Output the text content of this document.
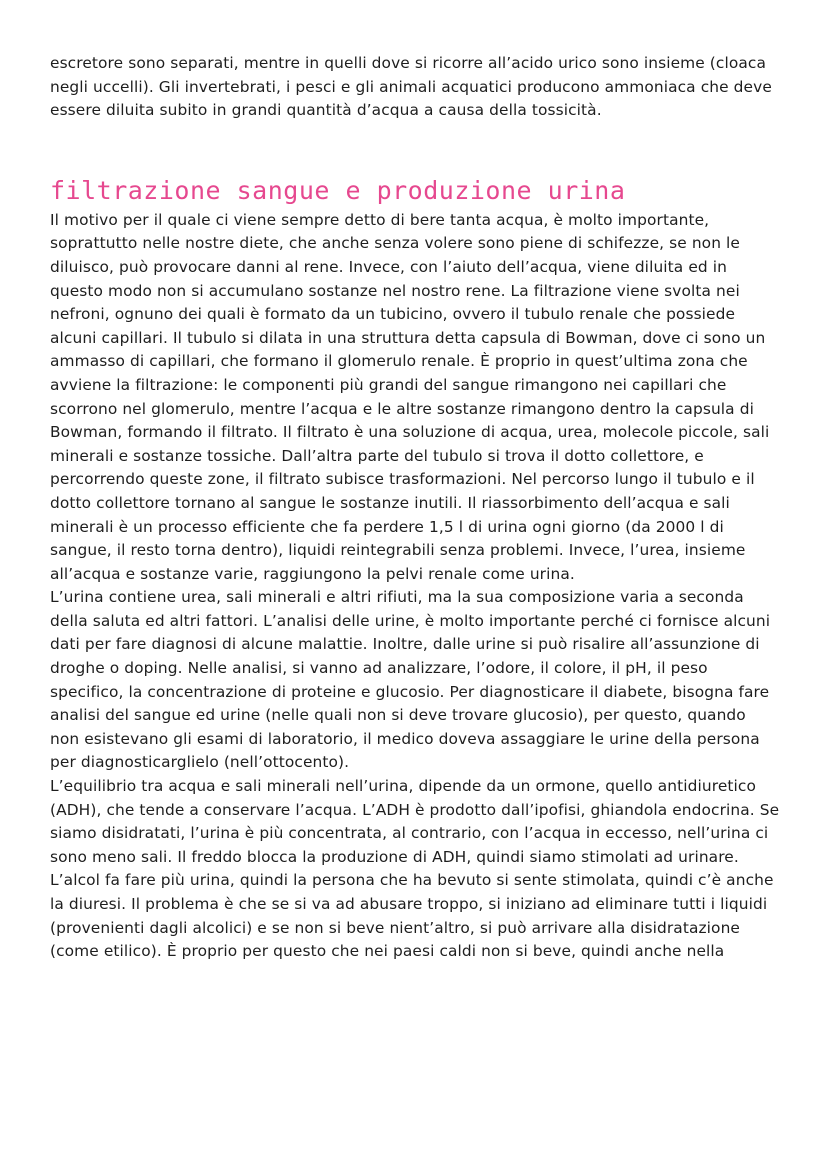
escretore sono separati, mentre in quelli dove si ricorre all’acido urico sono insieme (cloaca negli uccelli). Gli invertebrati, i pesci e gli animali acquatici producono ammoniaca che deve essere diluita subito in grandi quantità d’acqua a causa della tossicità.

filtrazione sangue e produzione urina

Il motivo per il quale ci viene sempre detto di bere tanta acqua, è molto importante, soprattutto nelle nostre diete, che anche senza volere sono piene di schifezze, se non le diluisco, può provocare danni al rene. Invece, con l’aiuto dell’acqua, viene diluita ed in questo modo non si accumulano sostanze nel nostro rene. La filtrazione viene svolta nei nefroni, ognuno dei quali è formato da un tubicino, ovvero il tubulo renale che possiede alcuni capillari. Il tubulo si dilata in una struttura detta capsula di Bowman, dove ci sono un ammasso di capillari, che formano il glomerulo renale. È proprio in quest’ultima zona che avviene la filtrazione: le componenti più grandi del sangue rimangono nei capillari che scorrono nel glomerulo, mentre l’acqua e le altre sostanze rimangono dentro la capsula di Bowman, formando il filtrato. Il filtrato è una soluzione di acqua, urea, molecole piccole, sali minerali e sostanze tossiche. Dall’altra parte del tubulo si trova il dotto collettore, e percorrendo queste zone, il filtrato subisce trasformazioni. Nel percorso lungo il tubulo e il dotto collettore tornano al sangue le sostanze inutili. Il riassorbimento dell’acqua e sali minerali è un processo efficiente che fa perdere 1,5 l di urina ogni giorno (da 2000 l di sangue, il resto torna dentro), liquidi reintegrabili senza problemi. Invece, l’urea, insieme all’acqua e sostanze varie, raggiungono la pelvi renale come urina.

L’urina contiene urea, sali minerali e altri rifiuti, ma la sua composizione varia a seconda della saluta ed altri fattori. L’analisi delle urine, è molto importante perché ci fornisce alcuni dati per fare diagnosi di alcune malattie. Inoltre, dalle urine si può risalire all’assunzione di droghe o doping. Nelle analisi, si vanno ad analizzare, l’odore, il colore, il pH, il peso specifico, la concentrazione di proteine e glucosio. Per diagnosticare il diabete, bisogna fare analisi del sangue ed urine (nelle quali non si deve trovare glucosio), per questo, quando non esistevano gli esami di laboratorio, il medico doveva assaggiare le urine della persona per diagnosticarglielo (nell’ottocento).

L’equilibrio tra acqua e sali minerali nell’urina, dipende da un ormone, quello antidiuretico (ADH), che tende a conservare l’acqua. L’ADH è prodotto dall’ipofisi, ghiandola endocrina. Se siamo disidratati, l’urina è più concentrata, al contrario, con l’acqua in eccesso, nell’urina ci sono meno sali. Il freddo blocca la produzione di ADH, quindi siamo stimolati ad urinare. L’alcol fa fare più urina, quindi la persona che ha bevuto si sente stimolata, quindi c’è anche la diuresi. Il problema è che se si va ad abusare troppo, si iniziano ad eliminare tutti i liquidi (provenienti dagli alcolici) e se non si beve nient’altro, si può arrivare alla disidratazione (come etilico). È proprio per questo che nei paesi caldi non si beve, quindi anche nella
